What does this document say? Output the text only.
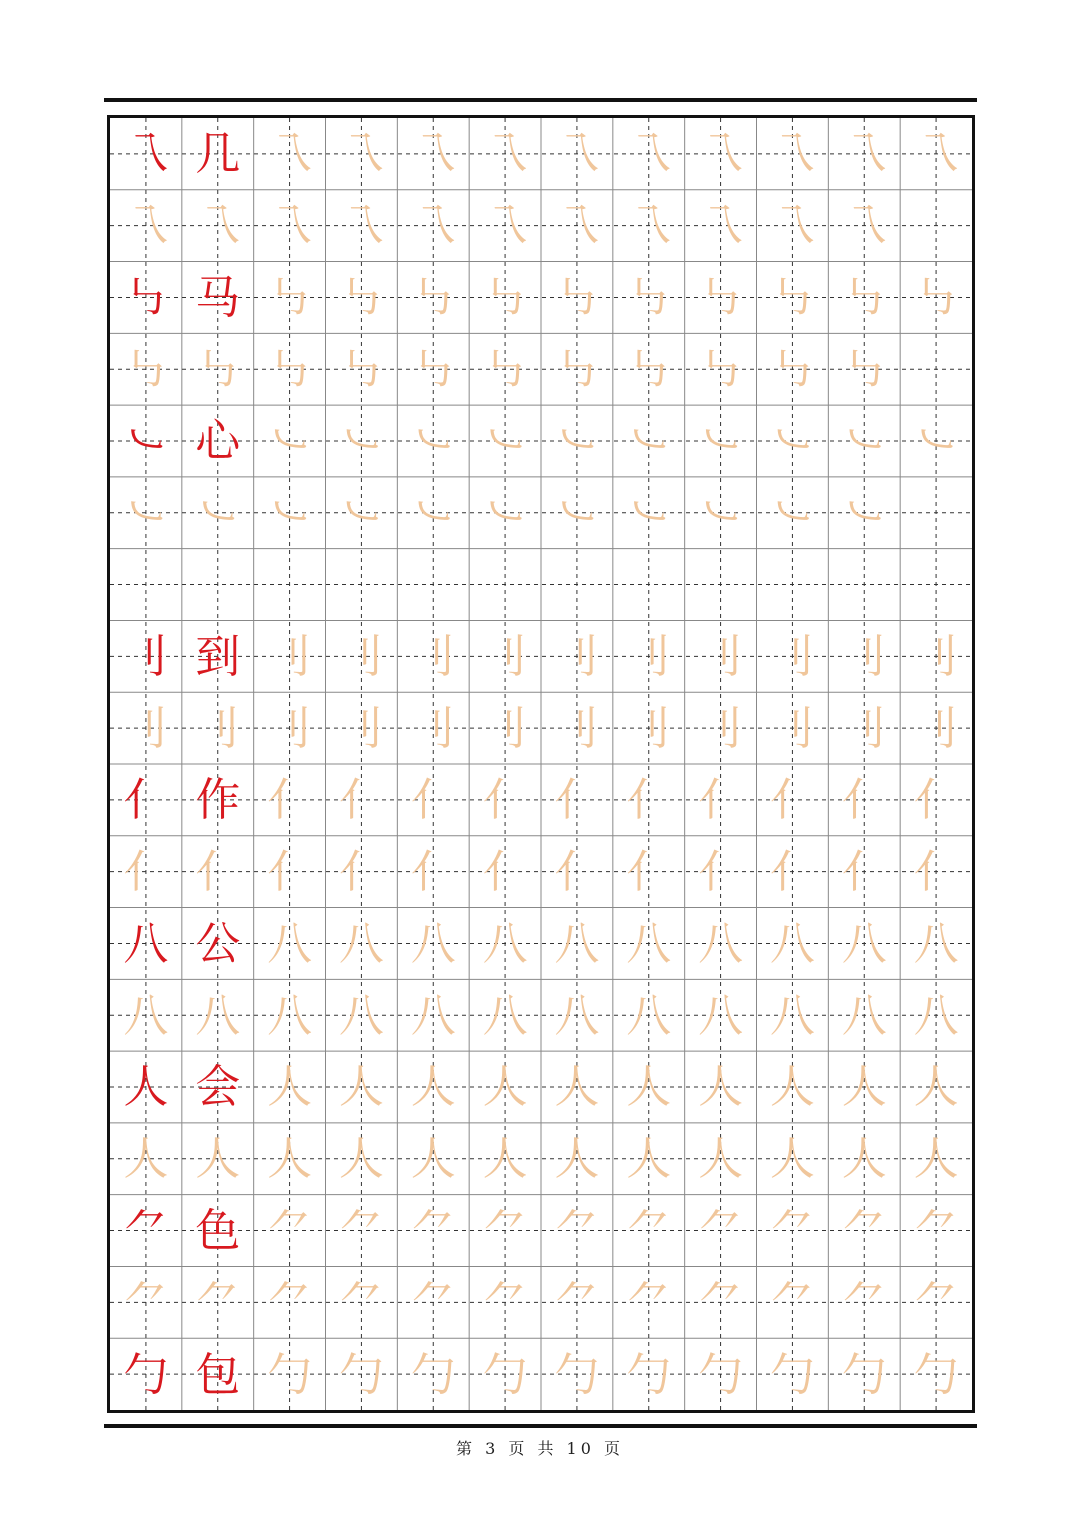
乁 几 乁 乁 乁 乁 乁 乁 乁 乁 乁 乁
乁 乁 乁 乁 乁 乁 乁 乁 乁 乁 乁
㇉ 马 ㇉ ㇉ ㇉ ㇉ ㇉ ㇉ ㇉ ㇉ ㇉ ㇉
㇉ ㇉ ㇉ ㇉ ㇉ ㇉ ㇉ ㇉ ㇉ ㇉ ㇉
㇃ 心 ㇃ ㇃ ㇃ ㇃ ㇃ ㇃ ㇃ ㇃ ㇃ ㇃
㇃ ㇃ ㇃ ㇃ ㇃ ㇃ ㇃ ㇃ ㇃ ㇃ ㇃
刂 到 刂 刂 刂 刂 刂 刂 刂 刂 刂 刂
刂 刂 刂 刂 刂 刂 刂 刂 刂 刂 刂 刂
亻 作 亻 亻 亻 亻 亻 亻 亻 亻 亻 亻
亻 亻 亻 亻 亻 亻 亻 亻 亻 亻 亻 亻
八 公 八 八 八 八 八 八 八 八 八 八
八 八 八 八 八 八 八 八 八 八 八 八
人 会 人 人 人 人 人 人 人 人 人 人
人 人 人 人 人 人 人 人 人 人 人 人
⺈ 色 ⺈ ⺈ ⺈ ⺈ ⺈ ⺈ ⺈ ⺈ ⺈ ⺈
⺈ ⺈ ⺈ ⺈ ⺈ ⺈ ⺈ ⺈ ⺈ ⺈ ⺈ ⺈
勹 包 勹 勹 勹 勹 勹 勹 勹 勹 勹 勹
第 3 页 共 10 页
